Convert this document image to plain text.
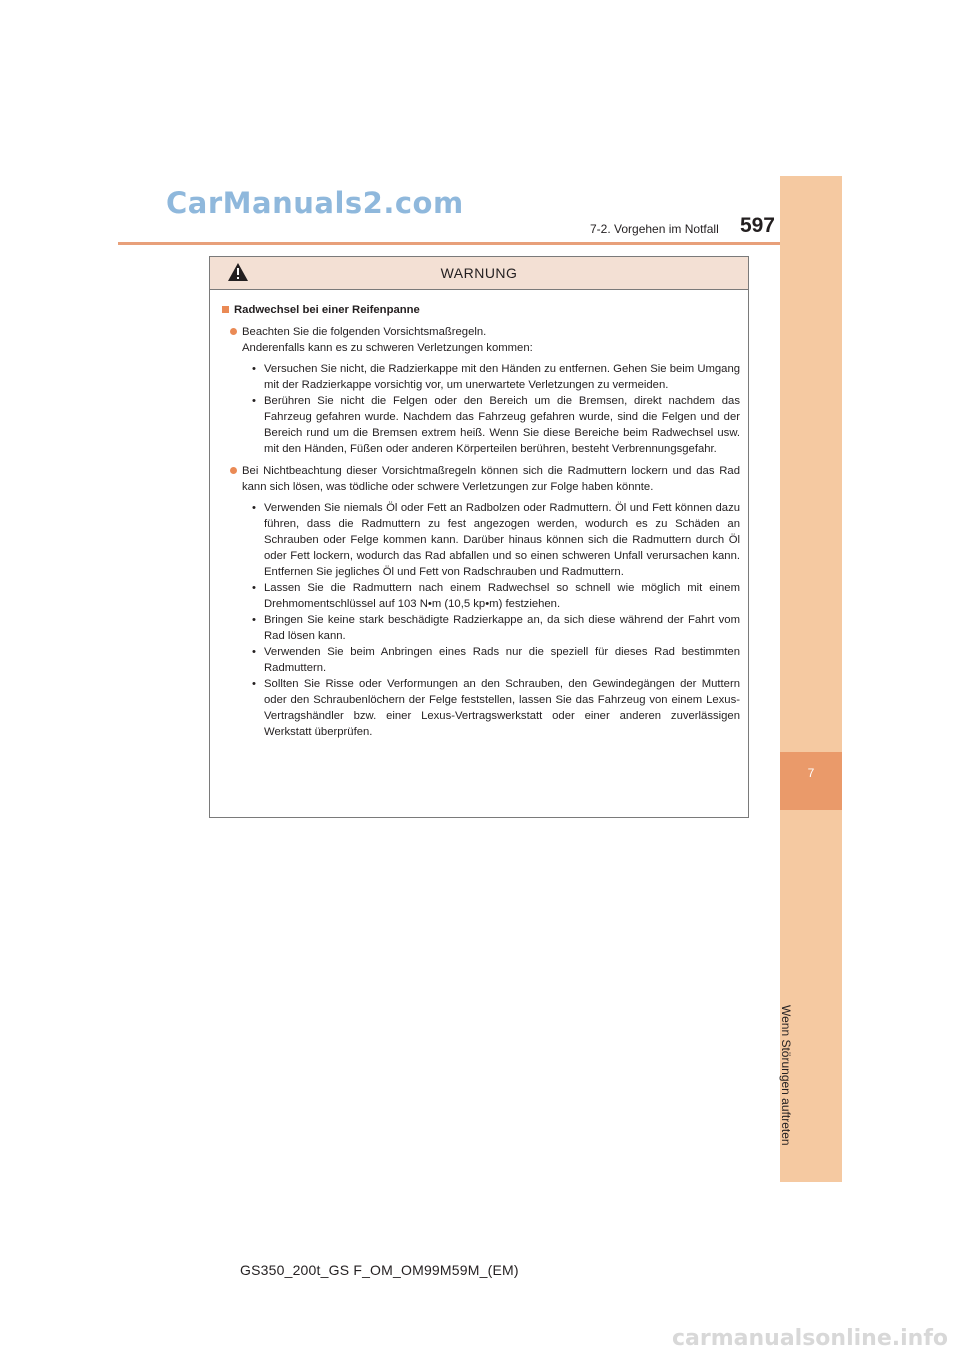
CarManuals2.com
7-2. Vorgehen im Notfall	597
7
Wenn Störungen auftreten
WARNUNG
Radwechsel bei einer Reifenpanne
Beachten Sie die folgenden Vorsichtsmaßregeln.
Anderenfalls kann es zu schweren Verletzungen kommen:
• Versuchen Sie nicht, die Radzierkappe mit den Händen zu entfernen. Gehen Sie beim Umgang mit der Radzierkappe vorsichtig vor, um unerwartete Verletzungen zu vermeiden.
• Berühren Sie nicht die Felgen oder den Bereich um die Bremsen, direkt nachdem das Fahrzeug gefahren wurde. Nachdem das Fahrzeug gefahren wurde, sind die Felgen und der Bereich rund um die Bremsen extrem heiß. Wenn Sie diese Bereiche beim Radwechsel usw. mit den Händen, Füßen oder anderen Körperteilen berühren, besteht Verbrennungsgefahr.
Bei Nichtbeachtung dieser Vorsichtmaßregeln können sich die Radmuttern lockern und das Rad kann sich lösen, was tödliche oder schwere Verletzungen zur Folge haben könnte.
• Verwenden Sie niemals Öl oder Fett an Radbolzen oder Radmuttern. Öl und Fett können dazu führen, dass die Radmuttern zu fest angezogen werden, wodurch es zu Schäden an Schrauben oder Felge kommen kann. Darüber hinaus können sich die Radmuttern durch Öl oder Fett lockern, wodurch das Rad abfallen und so einen schweren Unfall verursachen kann. Entfernen Sie jegliches Öl und Fett von Radschrauben und Radmuttern.
• Lassen Sie die Radmuttern nach einem Radwechsel so schnell wie möglich mit einem Drehmomentschlüssel auf 103 N•m (10,5 kp•m) festziehen.
• Bringen Sie keine stark beschädigte Radzierkappe an, da sich diese während der Fahrt vom Rad lösen kann.
• Verwenden Sie beim Anbringen eines Rads nur die speziell für dieses Rad bestimmten Radmuttern.
• Sollten Sie Risse oder Verformungen an den Schrauben, den Gewindegängen der Muttern oder den Schraubenlöchern der Felge feststellen, lassen Sie das Fahrzeug von einem Lexus-Vertragshändler bzw. einer Lexus-Vertragswerkstatt oder einer anderen zuverlässigen Werkstatt überprüfen.
GS350_200t_GS F_OM_OM99M59M_(EM)
carmanualsonline.info
